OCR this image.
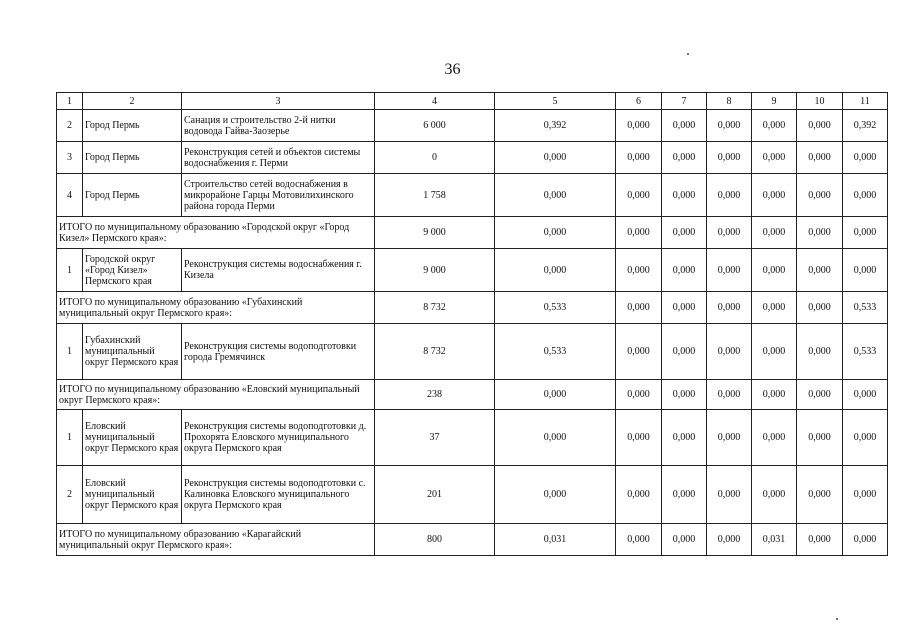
36
1	2	3	4	5	6	7	8	9	10	11
2	Город Пермь	Санация и строительство 2-й нитки водовода Гайва-Заозерье	6 000	0,392	0,000	0,000	0,000	0,000	0,000	0,392
3	Город Пермь	Реконструкция сетей и объектов системы водоснабжения г. Перми	0	0,000	0,000	0,000	0,000	0,000	0,000	0,000
4	Город Пермь	Строительство сетей водоснабжения в микрорайоне Гарцы Мотовилихинского района города Перми	1 758	0,000	0,000	0,000	0,000	0,000	0,000	0,000
ИТОГО по муниципальному образованию «Городской округ «Город Кизел» Пермского края»:			9 000	0,000	0,000	0,000	0,000	0,000	0,000	0,000
1	Городской округ «Город Кизел» Пермского края	Реконструкция системы водоснабжения г. Кизела	9 000	0,000	0,000	0,000	0,000	0,000	0,000	0,000
ИТОГО по муниципальному образованию «Губахинский муниципальный округ Пермского края»:			8 732	0,533	0,000	0,000	0,000	0,000	0,000	0,533
1	Губахинский муниципальный округ Пермского края	Реконструкция системы водоподготовки города Гремячинск	8 732	0,533	0,000	0,000	0,000	0,000	0,000	0,533
ИТОГО по муниципальному образованию «Еловский муниципальный округ Пермского края»:			238	0,000	0,000	0,000	0,000	0,000	0,000	0,000
1	Еловский муниципальный округ Пермского края	Реконструкция системы водоподготовки д. Прохорята Еловского муниципального округа Пермского края	37	0,000	0,000	0,000	0,000	0,000	0,000	0,000
2	Еловский муниципальный округ Пермского края	Реконструкция системы водоподготовки с. Калиновка Еловского муниципального округа Пермского края	201	0,000	0,000	0,000	0,000	0,000	0,000	0,000
ИТОГО по муниципальному образованию «Карагайский муниципальный округ Пермского края»:			800	0,031	0,000	0,000	0,000	0,031	0,000	0,000
